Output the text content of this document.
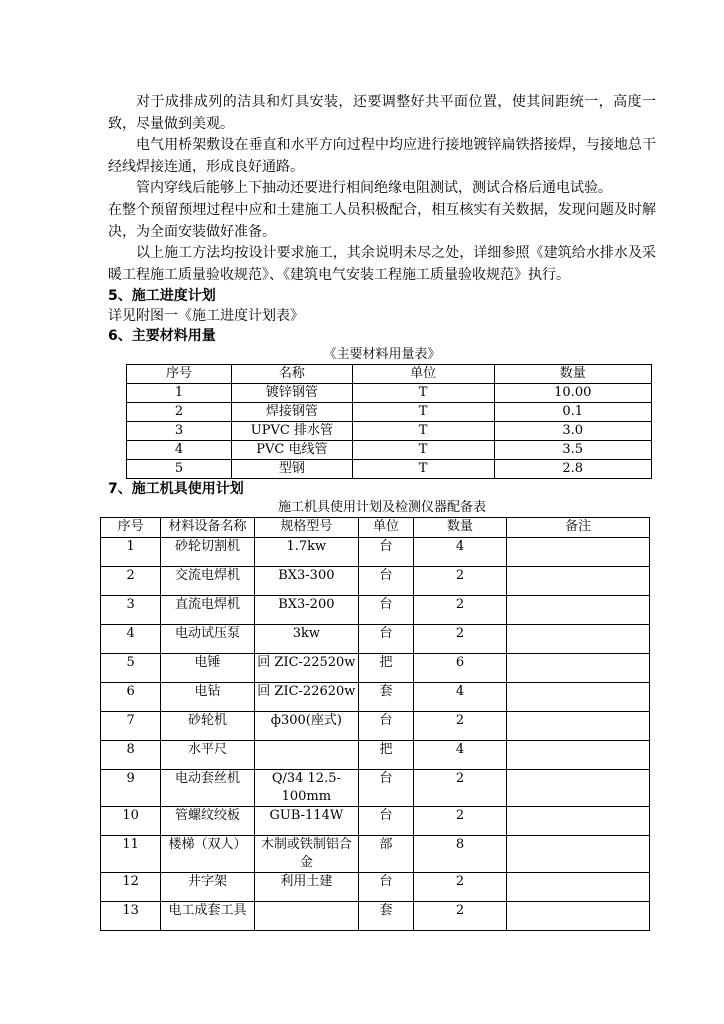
对于成排成列的洁具和灯具安装，还要调整好共平面位置，使其间距统一，高度一致，尽量做到美观。

电气用桥架敷设在垂直和水平方向过程中均应进行接地镀锌扁铁搭接焊，与接地总干经线焊接连通，形成良好通路。

管内穿线后能够上下抽动还要进行相间绝缘电阻测试，测试合格后通电试验。

在整个预留预埋过程中应和土建施工人员积极配合，相互核实有关数据，发现问题及时解决，为全面安装做好准备。

以上施工方法均按设计要求施工，其余说明未尽之处，详细参照《建筑给水排水及采暖工程施工质量验收规范》、《建筑电气安装工程施工质量验收规范》执行。

5、施工进度计划

详见附图一《施工进度计划表》

6、主要材料用量

《主要材料用量表》

序号	名称	单位	数量
1	镀锌钢管	T	10.00
2	焊接钢管	T	0.1
3	UPVC 排水管	T	3.0
4	PVC 电线管	T	3.5
5	型钢	T	2.8

7、施工机具使用计划

施工机具使用计划及检测仪器配备表

序号	材料设备名称	规格型号	单位	数量	备注
1	砂轮切割机	1.7kw	台	4	
2	交流电焊机	BX3-300	台	2	
3	直流电焊机	BX3-200	台	2	
4	电动试压泵	3kw	台	2	
5	电锤	回 ZIC-22520w	把	6	
6	电钻	回 ZIC-22620w	套	4	
7	砂轮机	ф300(座式)	台	2	
8	水平尺		把	4	
9	电动套丝机	Q/34 12.5-100mm	台	2	
10	管螺纹绞板	GUB-114W	台	2	
11	楼梯（双人）	木制或铁制铝合金	部	8	
12	井字架	利用土建	台	2	
13	电工成套工具		套	2	
